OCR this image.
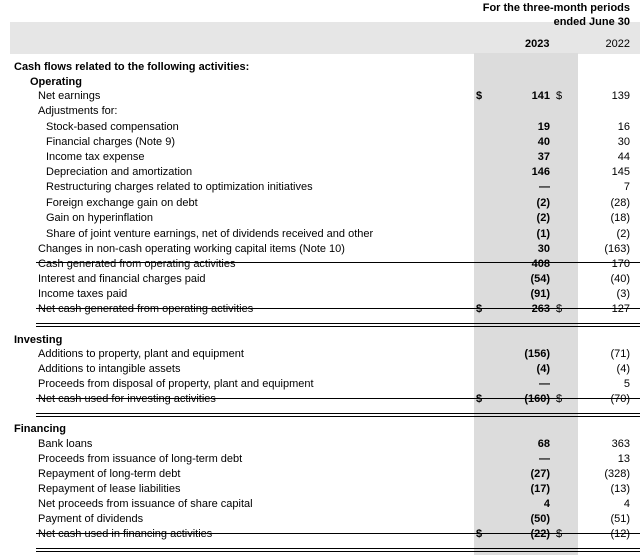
For the three-month periods
ended June 30
2023	2022
Cash flows related to the following activities:
Operating
Net earnings	$	141 $	139
Adjustments for:
Stock-based compensation	19	16
Financial charges (Note 9)	40	30
Income tax expense	37	44
Depreciation and amortization	146	145
Restructuring charges related to optimization initiatives	—	7
Foreign exchange gain on debt	(2)	(28)
Gain on hyperinflation	(2)	(18)
Share of joint venture earnings, net of dividends received and other	(1)	(2)
Changes in non-cash operating working capital items (Note 10)	30	(163)
Cash generated from operating activities	408	170
Interest and financial charges paid	(54)	(40)
Income taxes paid	(91)	(3)
Net cash generated from operating activities	$	263 $	127
Investing
Additions to property, plant and equipment	(156)	(71)
Additions to intangible assets	(4)	(4)
Proceeds from disposal of property, plant and equipment	—	5
Net cash used for investing activities	$	(160) $	(70)
Financing
Bank loans	68	363
Proceeds from issuance of long-term debt	—	13
Repayment of long-term debt	(27)	(328)
Repayment of lease liabilities	(17)	(13)
Net proceeds from issuance of share capital	4	4
Payment of dividends	(50)	(51)
Net cash used in financing activities	$	(22) $	(12)
